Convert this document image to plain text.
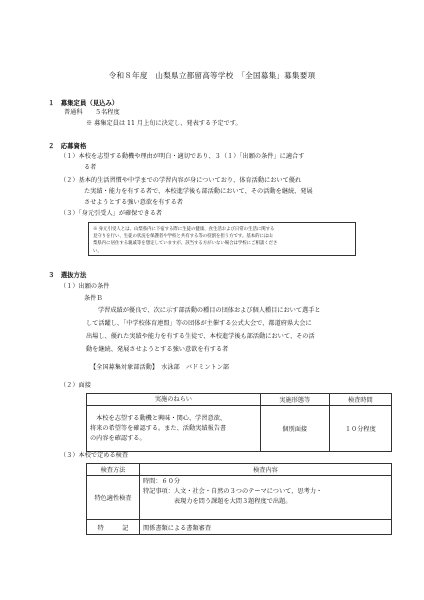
令和８年度　山梨県立都留高等学校　「全国募集」募集要項
１　募集定員（見込み）
普通科　　５名程度
※ 募集定員は 11 月上旬に決定し、発表する予定です。
２　応募資格
（１）本校を志望する動機や理由が明白・適切であり、３（１）「出願の条件」に適合す
る者
（２）基本的生活習慣や中学までの学習内容が身についており、体育活動において優れ
た実績・能力を有する者で、本校進学後も部活動において、その活動を継続、発展
させようとする強い意欲を有する者
（３）「身元引受人」が確保できる者
※ 身元引受人とは、山梨県内に下宿する際に生徒の健康、食生活および日常の生活に関する
見守りを行い、生徒の状況を保護者や学校と共有する等の役割を担う方です。基本的には山
梨県内に居住する親戚等を想定していますが、該当する方がいない場合は学校にご相談くださ
い。
３　選抜方法
（１）出願の条件
条件Ｂ
学習成績が優良で、次に示す部活動の種目の団体および個人種目において選手と
して活躍し、「中学校体育連盟」等の団体が主催する公式大会で、都道府県大会に
出場し、優れた実績や能力を有する生徒で、本校進学後も部活動において、その活
動を継続、発展させようとする強い意欲を有する者
【全国募集対象部活動】　水泳部　バドミントン部
（２）面接
実施のねらい	実施形態等	検査時間

　本校を志望する動機と興味・関心、学習意欲、
将来の希望等を確認する。また、活動実績報告書
の内容を確認する。	個別面接	１０分程度
（３）本校で定める検査
検査方法	検査内容
特色適性検査	時間：６０分
特記事項：人文・社会・自然の３つのテーマについて、思考力・
　　　　　表現力を問う課題を大問３題程度で出題。

特　　　記	関係書類による書類審査
